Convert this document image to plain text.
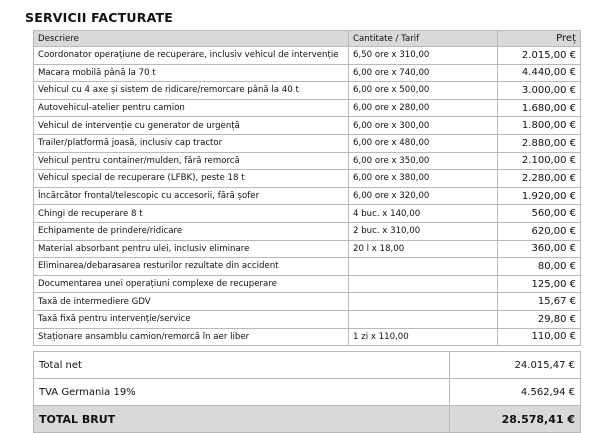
SERVICII FACTURATE
Descriere	Cantitate / Tarif	Preț
Coordonator operațiune de recuperare, inclusiv vehicul de intervenție	6,50 ore x 310,00	2.015,00 €
Macara mobilă până la 70 t	6,00 ore x 740,00	4.440,00 €
Vehicul cu 4 axe și sistem de ridicare/remorcare până la 40 t	6,00 ore x 500,00	3.000,00 €
Autovehicul-atelier pentru camion	6,00 ore x 280,00	1.680,00 €
Vehicul de intervenție cu generator de urgență	6,00 ore x 300,00	1.800,00 €
Trailer/platformă joasă, inclusiv cap tractor	6,00 ore x 480,00	2.880,00 €
Vehicul pentru container/mulden, fără remorcă	6,00 ore x 350,00	2.100,00 €
Vehicul special de recuperare (LFBK), peste 18 t	6,00 ore x 380,00	2.280,00 €
Încărcător frontal/telescopic cu accesorii, fără șofer	6,00 ore x 320,00	1.920,00 €
Chingi de recuperare 8 t	4 buc. x 140,00	560,00 €
Echipamente de prindere/ridicare	2 buc. x 310,00	620,00 €
Material absorbant pentru ulei, inclusiv eliminare	20 l x 18,00	360,00 €
Eliminarea/debarasarea resturilor rezultate din accident		80,00 €
Documentarea unei operațiuni complexe de recuperare		125,00 €
Taxă de intermediere GDV		15,67 €
Taxă fixă pentru intervenție/service		29,80 €
Staționare ansamblu camion/remorcă în aer liber	1 zi x 110,00	110,00 €
Total net	24.015,47 €
TVA Germania 19%	4.562,94 €
TOTAL BRUT	28.578,41 €
